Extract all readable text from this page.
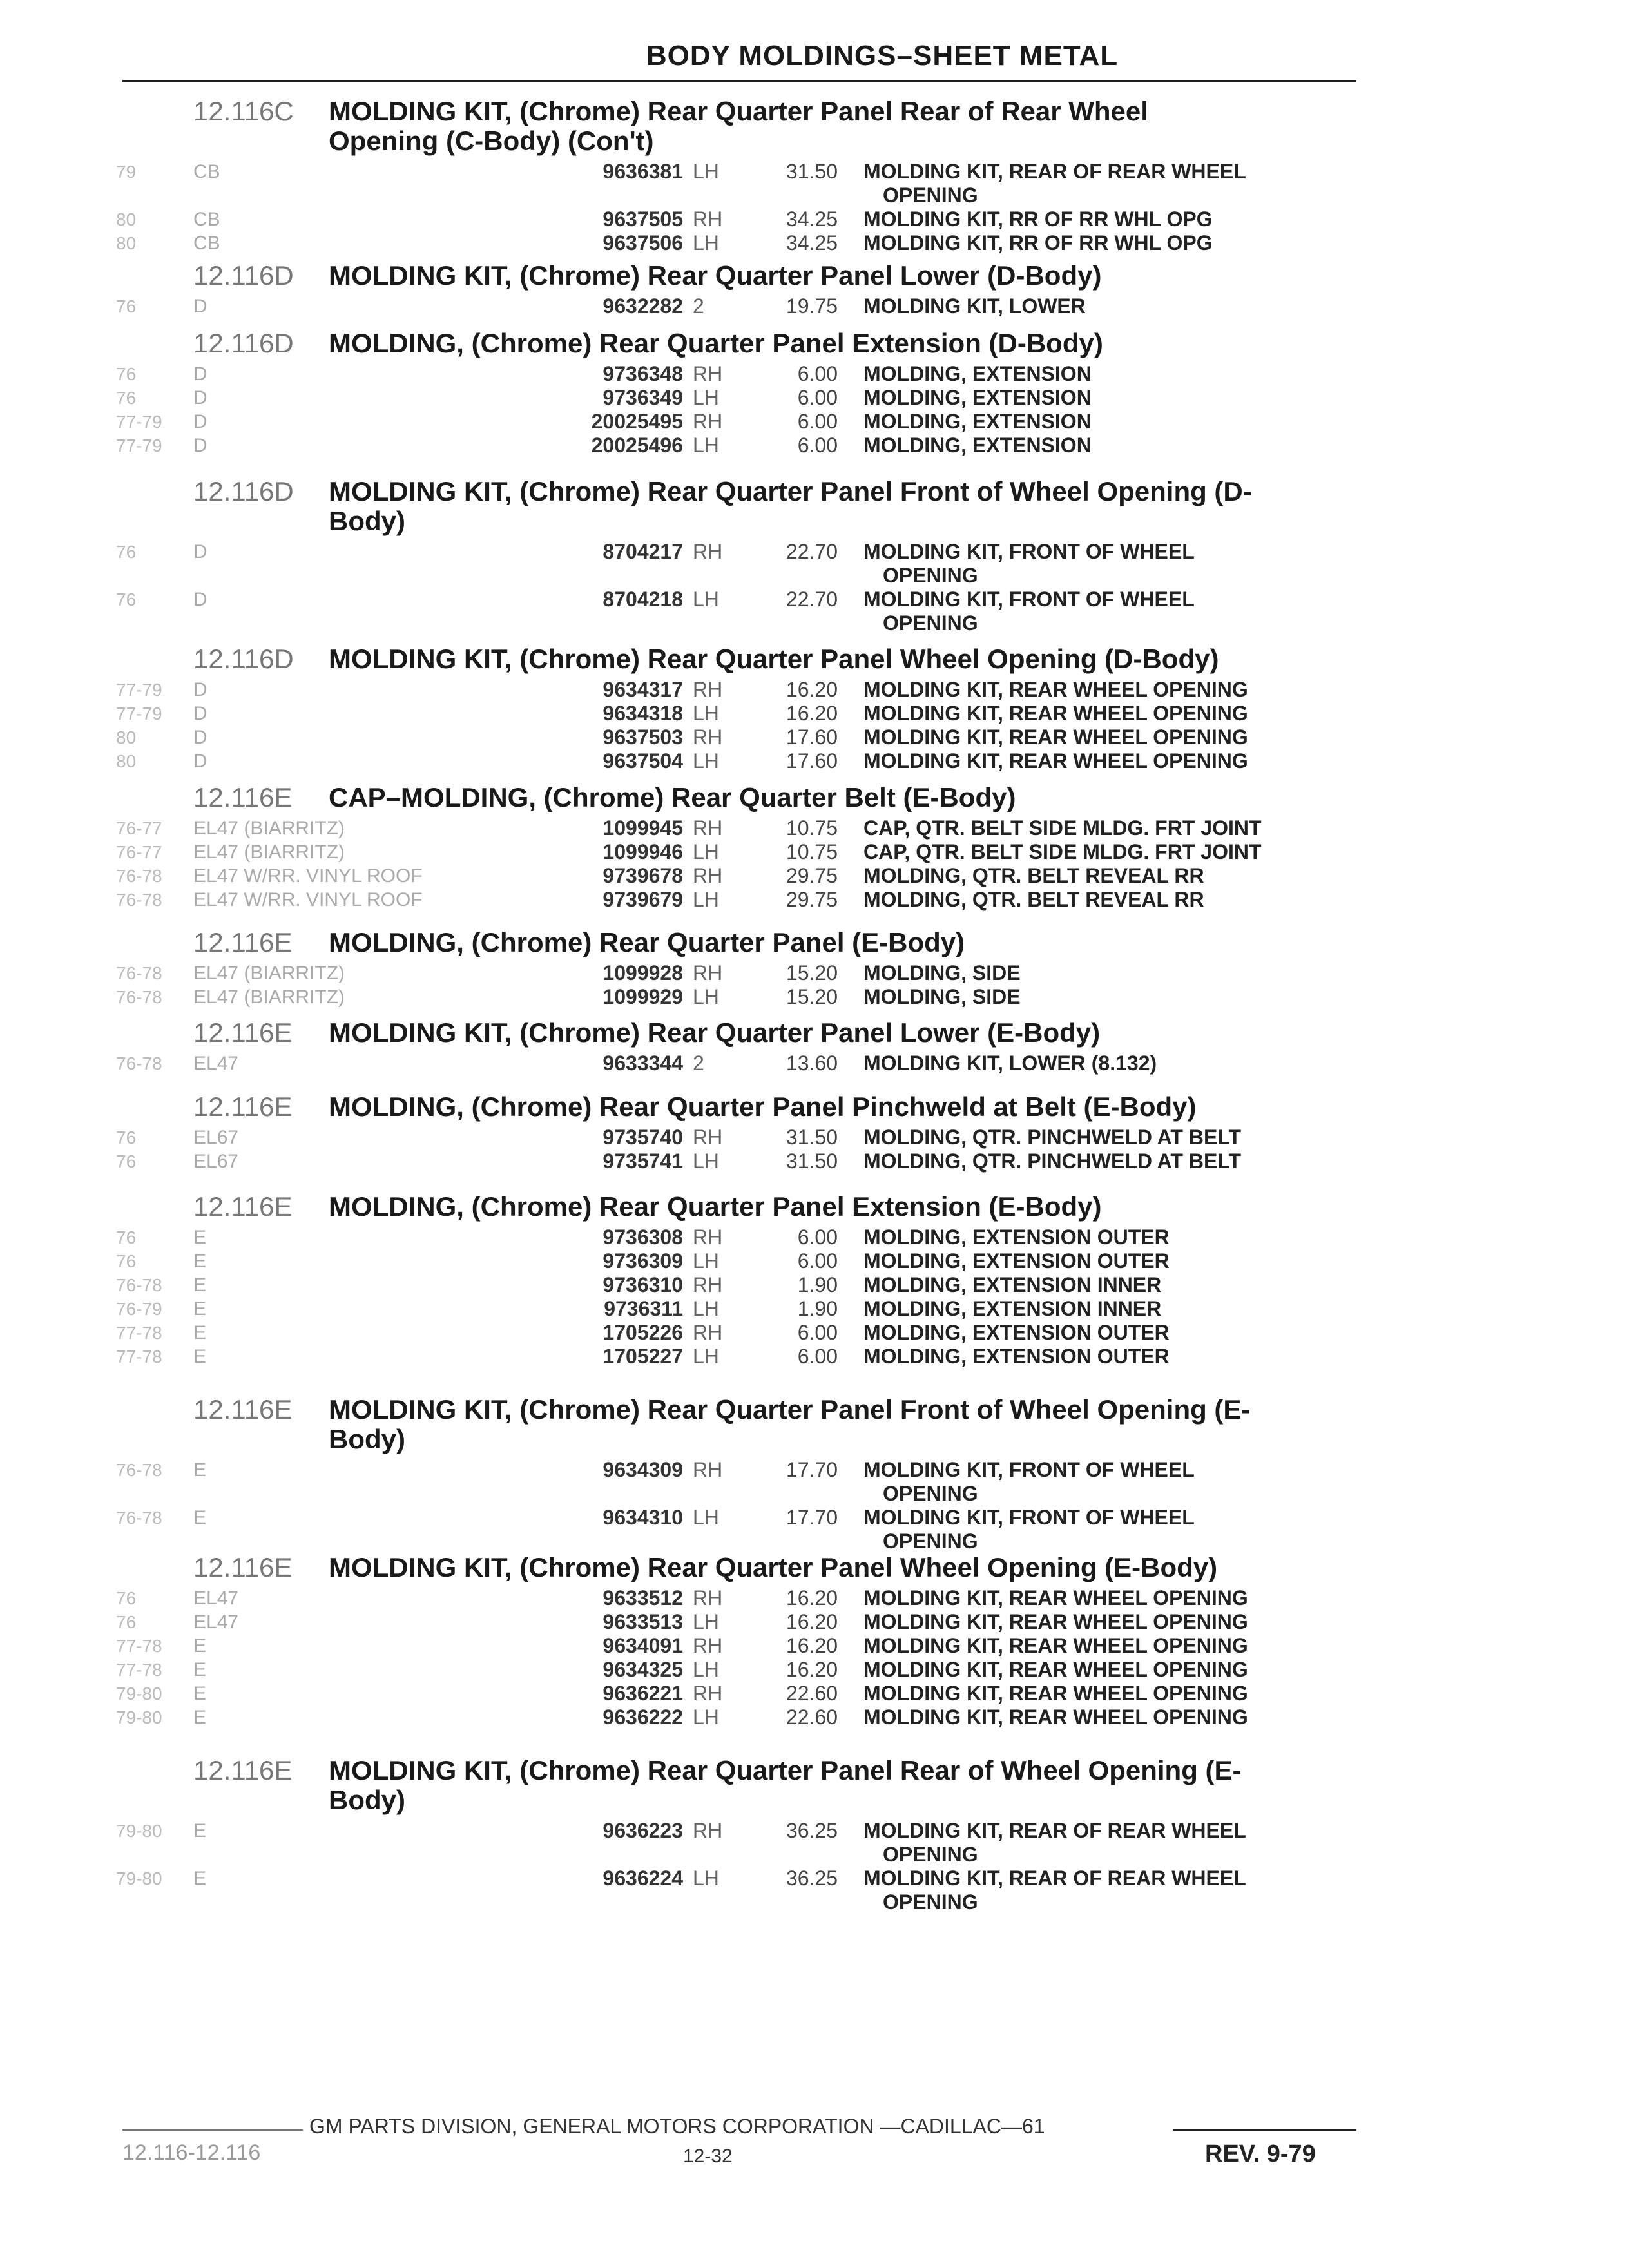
BODY MOLDINGS–SHEET METAL
12.116C MOLDING KIT, (Chrome) Rear Quarter Panel Rear of Rear Wheel
Opening (C-Body) (Con't)
79	CB	9636381 LH	31.50 MOLDING KIT, REAR OF REAR WHEEL
OPENING
80	CB	9637505 RH	34.25 MOLDING KIT, RR OF RR WHL OPG
80	CB	9637506 LH	34.25 MOLDING KIT, RR OF RR WHL OPG
12.116D MOLDING KIT, (Chrome) Rear Quarter Panel Lower (D-Body)
76	D	9632282 2	19.75 MOLDING KIT, LOWER
12.116D MOLDING, (Chrome) Rear Quarter Panel Extension (D-Body)
76	D	9736348 RH	6.00 MOLDING, EXTENSION
76	D	9736349 LH	6.00 MOLDING, EXTENSION
77-79	D	20025495 RH	6.00 MOLDING, EXTENSION
77-79	D	20025496 LH	6.00 MOLDING, EXTENSION
12.116D MOLDING KIT, (Chrome) Rear Quarter Panel Front of Wheel Opening (D-
Body)
76	D	8704217 RH	22.70 MOLDING KIT, FRONT OF WHEEL
OPENING
76	D	8704218 LH	22.70 MOLDING KIT, FRONT OF WHEEL
OPENING
12.116D MOLDING KIT, (Chrome) Rear Quarter Panel Wheel Opening (D-Body)
77-79	D	9634317 RH	16.20 MOLDING KIT, REAR WHEEL OPENING
77-79	D	9634318 LH	16.20 MOLDING KIT, REAR WHEEL OPENING
80	D	9637503 RH	17.60 MOLDING KIT, REAR WHEEL OPENING
80	D	9637504 LH	17.60 MOLDING KIT, REAR WHEEL OPENING
12.116E CAP–MOLDING, (Chrome) Rear Quarter Belt (E-Body)
76-77	EL47 (BIARRITZ)	1099945 RH	10.75 CAP, QTR. BELT SIDE MLDG. FRT JOINT
76-77	EL47 (BIARRITZ)	1099946 LH	10.75 CAP, QTR. BELT SIDE MLDG. FRT JOINT
76-78	EL47 W/RR. VINYL ROOF	9739678 RH	29.75 MOLDING, QTR. BELT REVEAL RR
76-78	EL47 W/RR. VINYL ROOF	9739679 LH	29.75 MOLDING, QTR. BELT REVEAL RR
12.116E MOLDING, (Chrome) Rear Quarter Panel (E-Body)
76-78	EL47 (BIARRITZ)	1099928 RH	15.20 MOLDING, SIDE
76-78	EL47 (BIARRITZ)	1099929 LH	15.20 MOLDING, SIDE
12.116E MOLDING KIT, (Chrome) Rear Quarter Panel Lower (E-Body)
76-78	EL47	9633344 2	13.60 MOLDING KIT, LOWER (8.132)
12.116E MOLDING, (Chrome) Rear Quarter Panel Pinchweld at Belt (E-Body)
76	EL67	9735740 RH	31.50 MOLDING, QTR. PINCHWELD AT BELT
76	EL67	9735741 LH	31.50 MOLDING, QTR. PINCHWELD AT BELT
12.116E MOLDING, (Chrome) Rear Quarter Panel Extension (E-Body)
76	E	9736308 RH	6.00 MOLDING, EXTENSION OUTER
76	E	9736309 LH	6.00 MOLDING, EXTENSION OUTER
76-78	E	9736310 RH	1.90 MOLDING, EXTENSION INNER
76-79	E	9736311 LH	1.90 MOLDING, EXTENSION INNER
77-78	E	1705226 RH	6.00 MOLDING, EXTENSION OUTER
77-78	E	1705227 LH	6.00 MOLDING, EXTENSION OUTER
12.116E MOLDING KIT, (Chrome) Rear Quarter Panel Front of Wheel Opening (E-
Body)
76-78	E	9634309 RH	17.70 MOLDING KIT, FRONT OF WHEEL
OPENING
76-78	E	9634310 LH	17.70 MOLDING KIT, FRONT OF WHEEL
OPENING
12.116E MOLDING KIT, (Chrome) Rear Quarter Panel Wheel Opening (E-Body)
76	EL47	9633512 RH	16.20 MOLDING KIT, REAR WHEEL OPENING
76	EL47	9633513 LH	16.20 MOLDING KIT, REAR WHEEL OPENING
77-78	E	9634091 RH	16.20 MOLDING KIT, REAR WHEEL OPENING
77-78	E	9634325 LH	16.20 MOLDING KIT, REAR WHEEL OPENING
79-80	E	9636221 RH	22.60 MOLDING KIT, REAR WHEEL OPENING
79-80	E	9636222 LH	22.60 MOLDING KIT, REAR WHEEL OPENING
12.116E MOLDING KIT, (Chrome) Rear Quarter Panel Rear of Wheel Opening (E-
Body)
79-80	E	9636223 RH	36.25 MOLDING KIT, REAR OF REAR WHEEL
OPENING
79-80	E	9636224 LH	36.25 MOLDING KIT, REAR OF REAR WHEEL
OPENING
GM PARTS DIVISION, GENERAL MOTORS CORPORATION —CADILLAC—61
12.116-12.116	12-32	REV. 9-79
